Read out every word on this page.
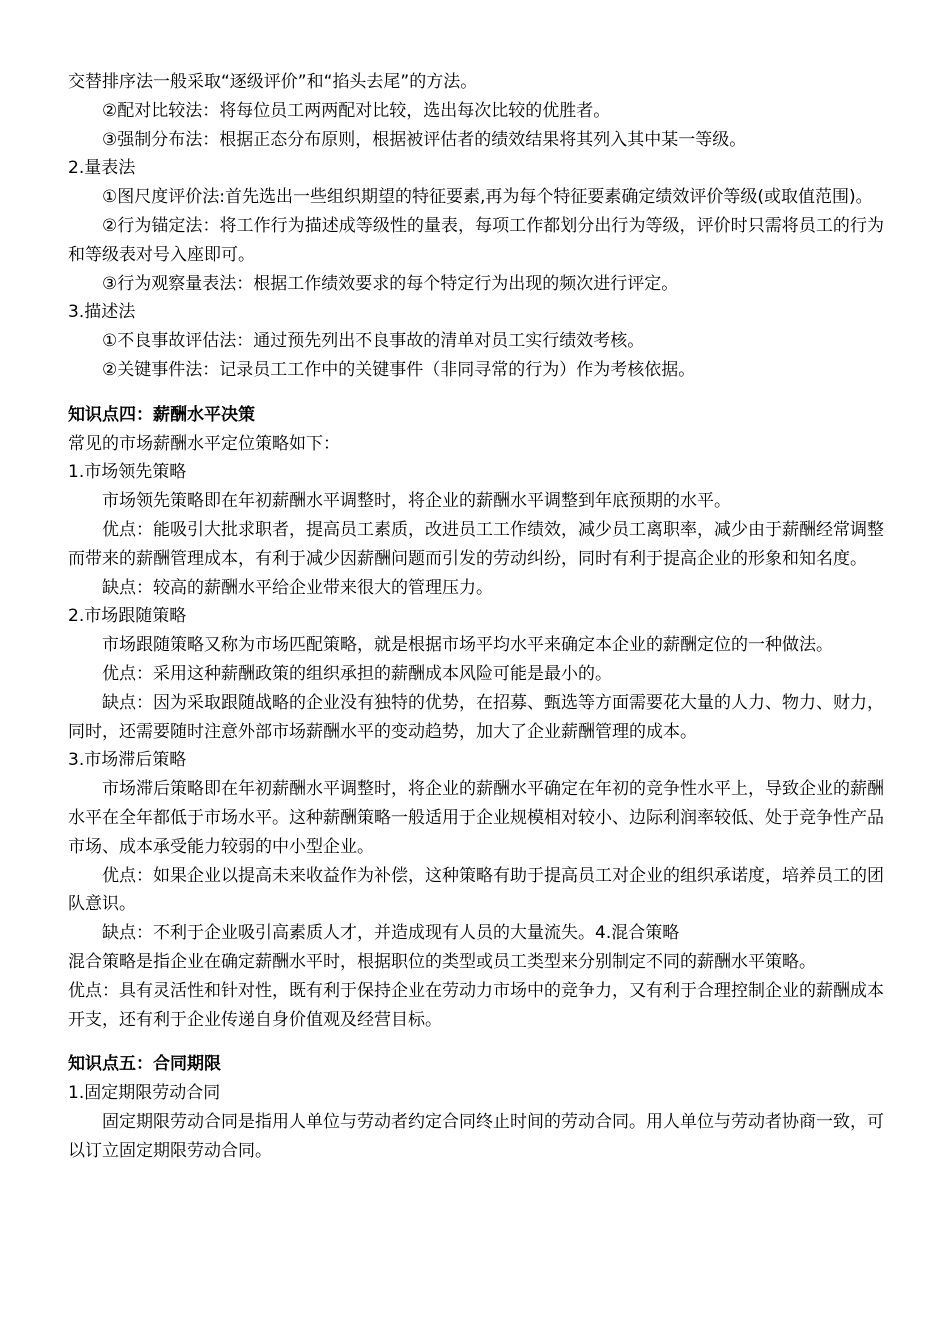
交替排序法一般采取“逐级评价”和“掐头去尾”的方法。

②配对比较法：将每位员工两两配对比较，选出每次比较的优胜者。

③强制分布法：根据正态分布原则，根据被评估者的绩效结果将其列入其中某一等级。

2.量表法

①图尺度评价法:首先选出一些组织期望的特征要素,再为每个特征要素确定绩效评价等级(或取值范围)。

②行为锚定法：将工作行为描述成等级性的量表，每项工作都划分出行为等级，评价时只需将员工的行为和等级表对号入座即可。

③行为观察量表法：根据工作绩效要求的每个特定行为出现的频次进行评定。

3.描述法

①不良事故评估法：通过预先列出不良事故的清单对员工实行绩效考核。

②关键事件法：记录员工工作中的关键事件（非同寻常的行为）作为考核依据。

知识点四：薪酬水平决策

常见的市场薪酬水平定位策略如下：

1.市场领先策略

市场领先策略即在年初薪酬水平调整时，将企业的薪酬水平调整到年底预期的水平。

优点：能吸引大批求职者，提高员工素质，改进员工工作绩效，减少员工离职率，减少由于薪酬经常调整而带来的薪酬管理成本，有利于减少因薪酬问题而引发的劳动纠纷，同时有利于提高企业的形象和知名度。

缺点：较高的薪酬水平给企业带来很大的管理压力。

2.市场跟随策略

市场跟随策略又称为市场匹配策略，就是根据市场平均水平来确定本企业的薪酬定位的一种做法。

优点：采用这种薪酬政策的组织承担的薪酬成本风险可能是最小的。

缺点：因为采取跟随战略的企业没有独特的优势，在招募、甄选等方面需要花大量的人力、物力、财力，同时，还需要随时注意外部市场薪酬水平的变动趋势，加大了企业薪酬管理的成本。

3.市场滞后策略

市场滞后策略即在年初薪酬水平调整时，将企业的薪酬水平确定在年初的竞争性水平上，导致企业的薪酬水平在全年都低于市场水平。这种薪酬策略一般适用于企业规模相对较小、边际利润率较低、处于竞争性产品市场、成本承受能力较弱的中小型企业。

优点：如果企业以提高未来收益作为补偿，这种策略有助于提高员工对企业的组织承诺度，培养员工的团队意识。

缺点：不利于企业吸引高素质人才，并造成现有人员的大量流失。4.混合策略

混合策略是指企业在确定薪酬水平时，根据职位的类型或员工类型来分别制定不同的薪酬水平策略。

优点：具有灵活性和针对性，既有利于保持企业在劳动力市场中的竞争力，又有利于合理控制企业的薪酬成本开支，还有利于企业传递自身价值观及经营目标。

知识点五：合同期限

1.固定期限劳动合同

固定期限劳动合同是指用人单位与劳动者约定合同终止时间的劳动合同。用人单位与劳动者协商一致，可以订立固定期限劳动合同。
